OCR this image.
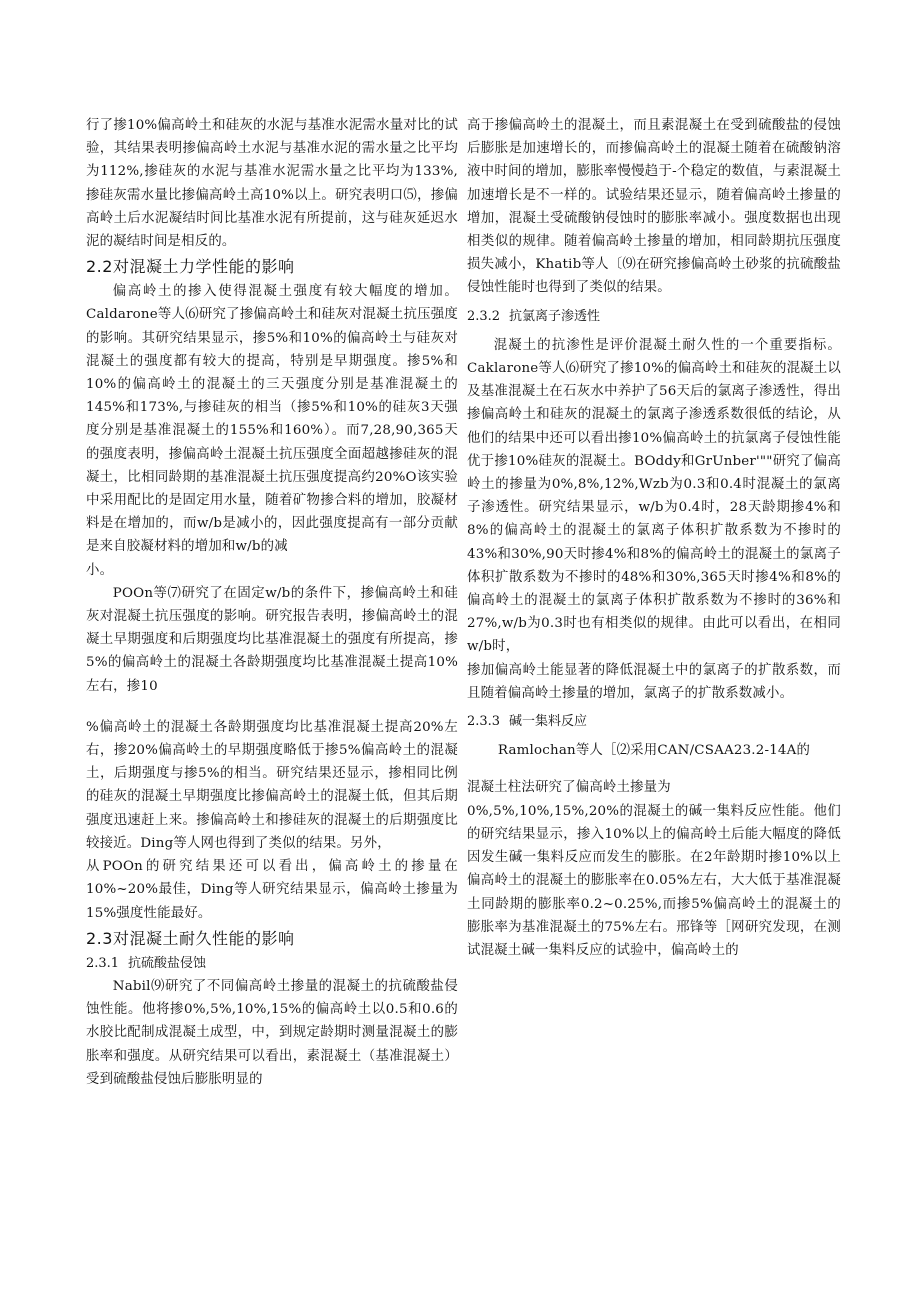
行了掺10%偏高岭土和硅灰的水泥与基准水泥需水量对比的试验，其结果表明掺偏高岭土水泥与基准水泥的需水量之比平均为112%,掺硅灰的水泥与基准水泥需水量之比平均为133%,掺硅灰需水量比掺偏高岭土高10%以上。研究表明口⑸，掺偏高岭土后水泥凝结时间比基准水泥有所提前，这与硅灰延迟水泥的凝结时间是相反的。

2.2对混凝土力学性能的影响

偏高岭土的掺入使得混凝土强度有较大幅度的增加。Caldarone等人⑹研究了掺偏高岭土和硅灰对混凝土抗压强度的影响。其研究结果显示，掺5%和10%的偏高岭土与硅灰对混凝土的强度都有较大的提高，特别是早期强度。掺5%和10%的偏高岭土的混凝土的三天强度分别是基准混凝土的145%和173%,与掺硅灰的相当（掺5%和10%的硅灰3天强度分别是基准混凝土的155%和160%）。而7,28,90,365天的强度表明，掺偏高岭土混凝土抗压强度全面超越掺硅灰的混凝土，比相同龄期的基准混凝土抗压强度提高约20%O该实验中采用配比的是固定用水量，随着矿物掺合料的增加，胶凝材料是在增加的，而w/b是减小的，因此强度提高有一部分贡献是来自胶凝材料的增加和w/b的减

小。

POOn等⑺研究了在固定w/b的条件下，掺偏高岭土和硅灰对混凝土抗压强度的影响。研究报告表明，掺偏高岭土的混凝土早期强度和后期强度均比基准混凝土的强度有所提高，掺5%的偏高岭土的混凝土各龄期强度均比基准混凝土提高10%左右，掺10

%偏高岭土的混凝土各龄期强度均比基准混凝土提高20%左右，掺20%偏高岭土的早期强度略低于掺5%偏高岭土的混凝土，后期强度与掺5%的相当。研究结果还显示，掺相同比例的硅灰的混凝土早期强度比掺偏高岭土的混凝土低，但其后期强度迅速赶上来。掺偏高岭土和掺硅灰的混凝土的后期强度比较接近。Ding等人网也得到了类似的结果。另外，

从POOn的研究结果还可以看出，偏高岭土的掺量在10%~20%最佳，Ding等人研究结果显示，偏高岭土掺量为15%强度性能最好。

2.3对混凝土耐久性能的影响
2.3.1 抗硫酸盐侵蚀

Nabil⑼研究了不同偏高岭土掺量的混凝土的抗硫酸盐侵蚀性能。他将掺0%,5%,10%,15%的偏高岭土以0.5和0.6的水胶比配制成混凝土成型，中，到规定龄期时测量混凝土的膨胀率和强度。从研究结果可以看出，素混凝土（基准混凝土）受到硫酸盐侵蚀后膨胀明显的

高于掺偏高岭土的混凝土，而且素混凝土在受到硫酸盐的侵蚀后膨胀是加速增长的，而掺偏高岭土的混凝土随着在硫酸钠溶液中时间的增加，膨胀率慢慢趋于-个稳定的数值，与素混凝土加速增长是不一样的。试验结果还显示，随着偏高岭土掺量的增加，混凝土受硫酸钠侵蚀时的膨胀率减小。强度数据也出现相类似的规律。随着偏高岭土掺量的增加，相同龄期抗压强度损失减小，Khatib等人〔⑼在研究掺偏高岭土砂浆的抗硫酸盐侵蚀性能时也得到了类似的结果。

2.3.2 抗氯离子渗透性

混凝土的抗渗性是评价混凝土耐久性的一个重要指标。Caklarone等人⑹研究了掺10%的偏高岭土和硅灰的混凝土以及基准混凝土在石灰水中养护了56天后的氯离子渗透性，得出掺偏高岭土和硅灰的混凝土的氯离子渗透系数很低的结论，从他们的结果中还可以看出掺10%偏高岭土的抗氯离子侵蚀性能优于掺10%硅灰的混凝土。BOddy和GrUnber'""研究了偏高岭土的掺量为0%,8%,12%,Wzb为0.3和0.4时混凝土的氯离子渗透性。研究结果显示，w/b为0.4时，28天龄期掺4%和8%的偏高岭土的混凝土的氯离子体积扩散系数为不掺时的43%和30%,90天时掺4%和8%的偏高岭土的混凝土的氯离子体积扩散系数为不掺时的48%和30%,365天时掺4%和8%的偏高岭土的混凝土的氯离子体积扩散系数为不掺时的36%和27%,w/b为0.3时也有相类似的规律。由此可以看出，在相同w/b时，

掺加偏高岭土能显著的降低混凝土中的氯离子的扩散系数，而且随着偏高岭土掺量的增加，氯离子的扩散系数减小。

2.3.3 碱一集料反应

Ramlochan等人［⑵采用CAN/CSAA23.2-14A的

混凝土柱法研究了偏高岭土掺量为

0%,5%,10%,15%,20%的混凝土的碱一集料反应性能。他们的研究结果显示，掺入10%以上的偏高岭土后能大幅度的降低因发生碱一集料反应而发生的膨胀。在2年龄期时掺10%以上偏高岭土的混凝土的膨胀率在0.05%左右，大大低于基准混凝土同龄期的膨胀率0.2~0.25%,而掺5%偏高岭土的混凝土的膨胀率为基准混凝土的75%左右。邢锋等［网研究发现，在测试混凝土碱一集料反应的试验中，偏高岭土的
